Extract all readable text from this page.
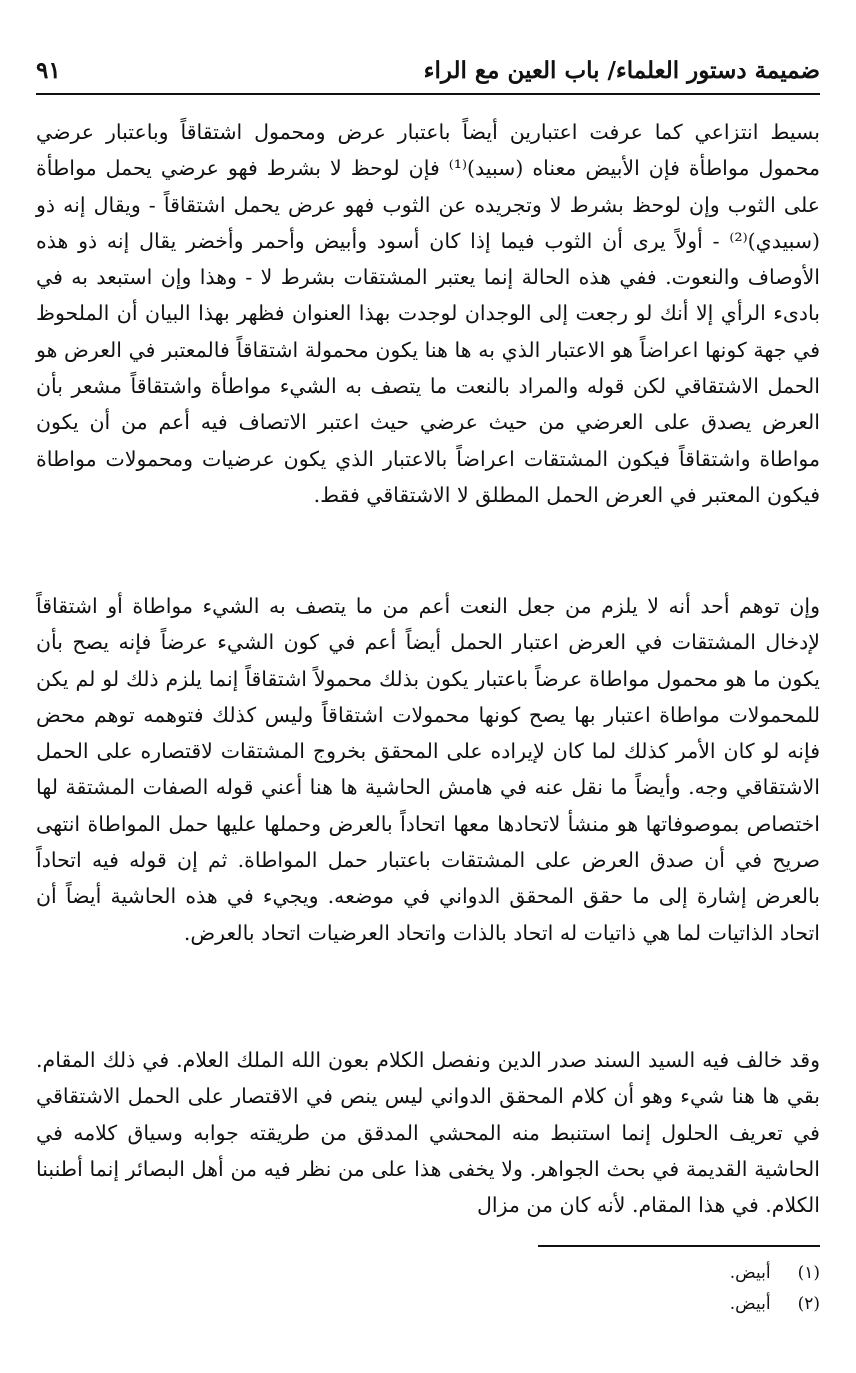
ضميمة دستور العلماء/ باب العين مع الراء
٩١

بسيط انتزاعي كما عرفت اعتبارين أيضاً باعتبار عرض ومحمول اشتقاقاً وباعتبار عرضي محمول مواطأة فإن الأبيض معناه (سبيد)⁽¹⁾ فإن لوحظ لا بشرط فهو عرضي يحمل مواطأة على الثوب وإن لوحظ بشرط لا وتجريده عن الثوب فهو عرض يحمل اشتقاقاً - ويقال إنه ذو (سبيدي)⁽²⁾ - أولاً يرى أن الثوب فيما إذا كان أسود وأبيض وأحمر وأخضر يقال إنه ذو هذه الأوصاف والنعوت. ففي هذه الحالة إنما يعتبر المشتقات بشرط لا - وهذا وإن استبعد به في بادىء الرأي إلا أنك لو رجعت إلى الوجدان لوجدت بهذا العنوان فظهر بهذا البيان أن الملحوظ في جهة كونها اعراضاً هو الاعتبار الذي به ها هنا يكون محمولة اشتقاقاً فالمعتبر في العرض هو الحمل الاشتقاقي لكن قوله والمراد بالنعت ما يتصف به الشيء مواطأة واشتقاقاً مشعر بأن العرض يصدق على العرضي من حيث عرضي حيث اعتبر الاتصاف فيه أعم من أن يكون مواطاة واشتقاقاً فيكون المشتقات اعراضاً بالاعتبار الذي يكون عرضيات ومحمولات مواطاة فيكون المعتبر في العرض الحمل المطلق لا الاشتقاقي فقط.

وإن توهم أحد أنه لا يلزم من جعل النعت أعم من ما يتصف به الشيء مواطاة أو اشتقاقاً لإدخال المشتقات في العرض اعتبار الحمل أيضاً أعم في كون الشيء عرضاً فإنه يصح بأن يكون ما هو محمول مواطاة عرضاً باعتبار يكون بذلك محمولاً اشتقاقاً إنما يلزم ذلك لو لم يكن للمحمولات مواطاة اعتبار بها يصح كونها محمولات اشتقاقاً وليس كذلك فتوهمه توهم محض فإنه لو كان الأمر كذلك لما كان لإيراده على المحقق بخروج المشتقات لاقتصاره على الحمل الاشتقاقي وجه. وأيضاً ما نقل عنه في هامش الحاشية ها هنا أعني قوله الصفات المشتقة لها اختصاص بموصوفاتها هو منشأ لاتحادها معها اتحاداً بالعرض وحملها عليها حمل المواطاة انتهى صريح في أن صدق العرض على المشتقات باعتبار حمل المواطاة. ثم إن قوله فيه اتحاداً بالعرض إشارة إلى ما حقق المحقق الدواني في موضعه. ويجيء في هذه الحاشية أيضاً أن اتحاد الذاتيات لما هي ذاتيات له اتحاد بالذات واتحاد العرضيات اتحاد بالعرض.

وقد خالف فيه السيد السند صدر الدين ونفصل الكلام بعون الله الملك العلام. في ذلك المقام. بقي ها هنا شيء وهو أن كلام المحقق الدواني ليس ينص في الاقتصار على الحمل الاشتقاقي في تعريف الحلول إنما استنبط منه المحشي المدقق من طريقته جوابه وسياق كلامه في الحاشية القديمة في بحث الجواهر. ولا يخفى هذا على من نظر فيه من أهل البصائر إنما أطنبنا الكلام. في هذا المقام. لأنه كان من مزال

(١) أبيض.
(٢) أبيض.
